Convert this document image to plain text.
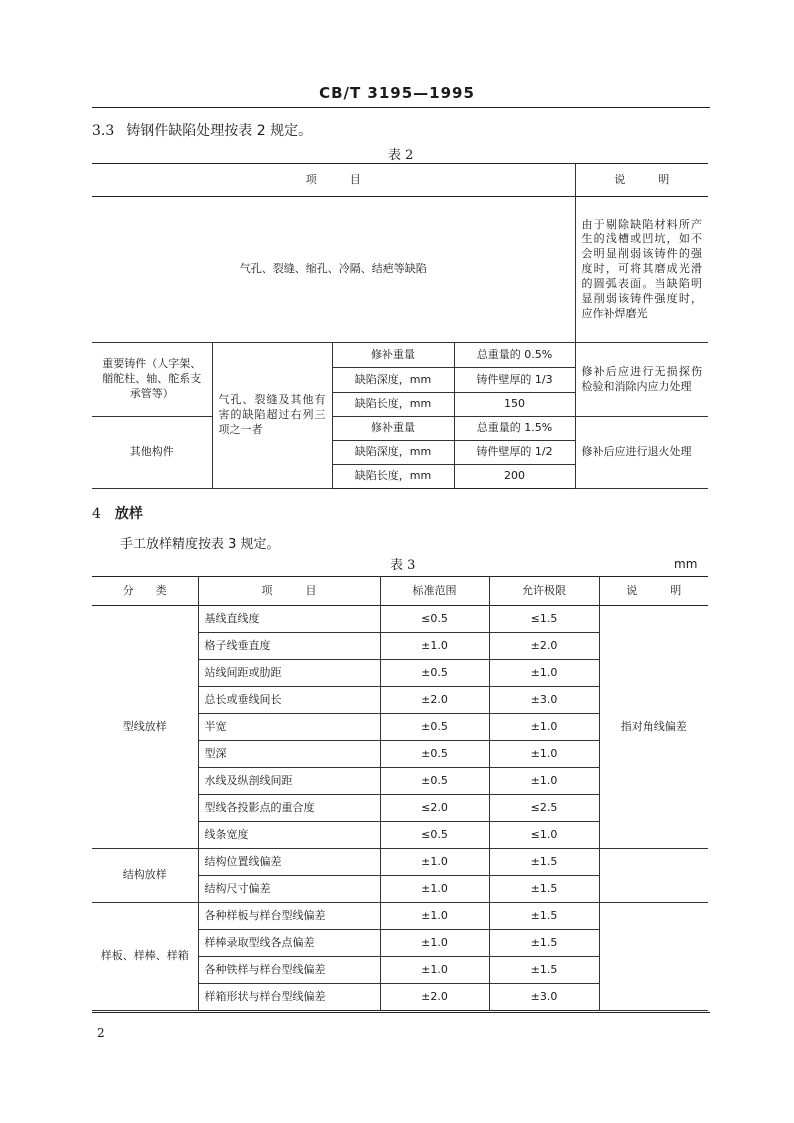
CB/T 3195—1995
3.3 铸钢件缺陷处理按表 2 规定。
表 2
项　　　目				说　　　明
气孔、裂缝、缩孔、冷隔、结疤等缺陷				由于剔除缺陷材料所产生的浅槽或凹坑，如不会明显削弱该铸件的强度时，可将其磨成光滑的圆弧表面。当缺陷明显削弱该铸件强度时，应作补焊磨光
重要铸件（人字架、艏舵柱、轴、舵系支承管等）	气孔、裂缝及其他有害的缺陷超过右列三项之一者	修补重量	总重量的 0.5%	修补后应进行无损探伤检验和消除内应力处理
		缺陷深度，mm	铸件壁厚的 1/3	
		缺陷长度，mm	150	
其他构件		修补重量	总重量的 1.5%	修补后应进行退火处理
		缺陷深度，mm	铸件壁厚的 1/2	
		缺陷长度，mm	200	
4 放样
手工放样精度按表 3 规定。
表 3	mm
分　　类	项　　　目	标准范围	允许极限	说　　　明
型线放样	基线直线度	≤0.5	≤1.5	指对角线偏差
	格子线垂直度	±1.0	±2.0	
	站线间距或肋距	±0.5	±1.0	
	总长或垂线间长	±2.0	±3.0	
	半宽	±0.5	±1.0	
	型深	±0.5	±1.0	
	水线及纵剖线间距	±0.5	±1.0	
	型线各投影点的重合度	≤2.0	≤2.5	
	线条宽度	≤0.5	≤1.0	
结构放样	结构位置线偏差	±1.0	±1.5	
	结构尺寸偏差	±1.0	±1.5	
样板、样棒、样箱	各种样板与样台型线偏差	±1.0	±1.5	
	样棒录取型线各点偏差	±1.0	±1.5	
	各种铁样与样台型线偏差	±1.0	±1.5	
	样箱形状与样台型线偏差	±2.0	±3.0	
2
